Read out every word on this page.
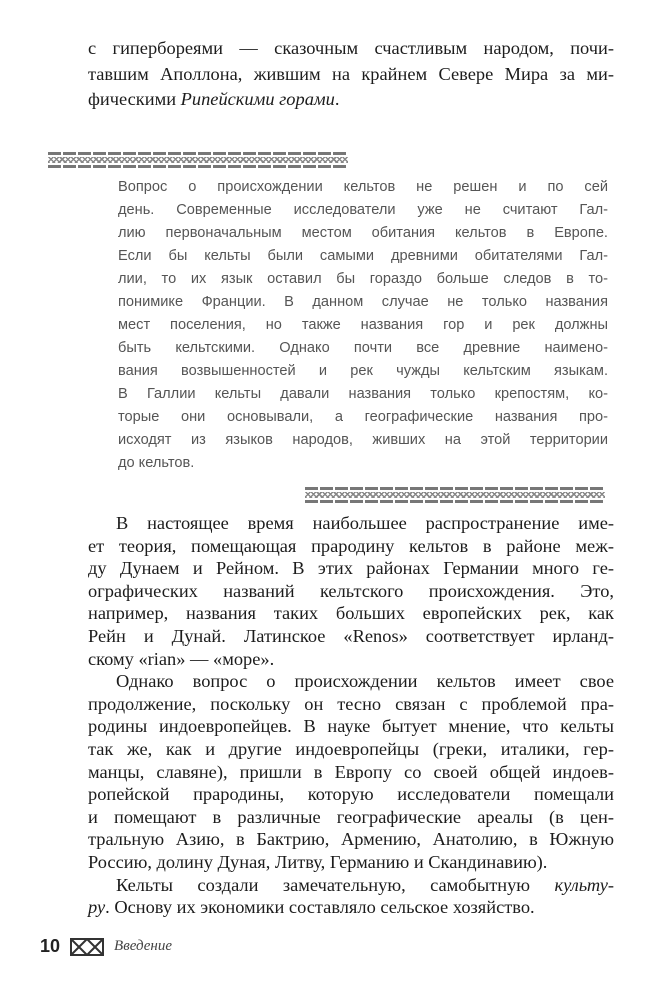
с гипербореями — сказочным счастливым народом, почи-
тавшим Аполлона, жившим на крайнем Севере Мира за ми-
фическими Рипейскими горами.
Вопрос о происхождении кельтов не решен и по сей
день. Современные исследователи уже не считают Гал-
лию первоначальным местом обитания кельтов в Европе.
Если бы кельты были самыми древними обитателями Гал-
лии, то их язык оставил бы гораздо больше следов в то-
понимике Франции. В данном случае не только названия
мест поселения, но также названия гор и рек должны
быть кельтскими. Однако почти все древние наимено-
вания возвышенностей и рек чужды кельтским языкам.
В Галлии кельты давали названия только крепостям, ко-
торые они основывали, а географические названия про-
исходят из языков народов, живших на этой территории
до кельтов.
В настоящее время наибольшее распространение име-
ет теория, помещающая прародину кельтов в районе меж-
ду Дунаем и Рейном. В этих районах Германии много ге-
ографических названий кельтского происхождения. Это,
например, названия таких больших европейских рек, как
Рейн и Дунай. Латинское «Renos» соответствует ирланд-
скому «rian» — «море».
Однако вопрос о происхождении кельтов имеет свое
продолжение, поскольку он тесно связан с проблемой пра-
родины индоевропейцев. В науке бытует мнение, что кельты
так же, как и другие индоевропейцы (греки, италики, гер-
манцы, славяне), пришли в Европу со своей общей индоев-
ропейской прародины, которую исследователи помещали
и помещают в различные географические ареалы (в цен-
тральную Азию, в Бактрию, Армению, Анатолию, в Южную
Россию, долину Дуная, Литву, Германию и Скандинавию).
Кельты создали замечательную, самобытную культу-
ру. Основу их экономики составляло сельское хозяйство.
10	Введение
